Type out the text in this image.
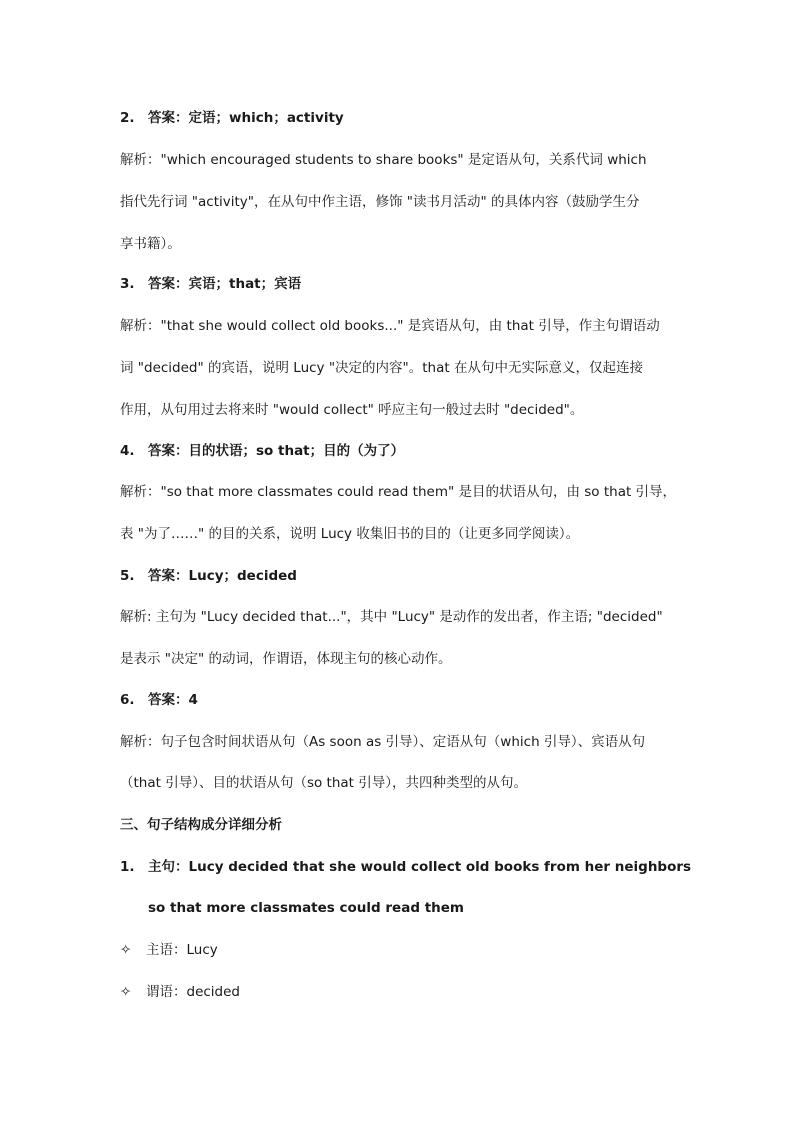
2. 答案：定语；which；activity
解析："which encouraged students to share books" 是定语从句，关系代词 which
指代先行词 "activity"，在从句中作主语，修饰 "读书月活动" 的具体内容（鼓励学生分
享书籍）。
3. 答案：宾语；that；宾语
解析："that she would collect old books..." 是宾语从句，由 that 引导，作主句谓语动
词 "decided" 的宾语，说明 Lucy "决定的内容"。that 在从句中无实际意义，仅起连接
作用，从句用过去将来时 "would collect" 呼应主句一般过去时 "decided"。
4. 答案：目的状语；so that；目的（为了）
解析："so that more classmates could read them" 是目的状语从句，由 so that 引导，
表 "为了……" 的目的关系，说明 Lucy 收集旧书的目的（让更多同学阅读）。
5. 答案：Lucy；decided
解析: 主句为 "Lucy decided that..."，其中 "Lucy" 是动作的发出者，作主语; "decided"
是表示 "决定" 的动词，作谓语，体现主句的核心动作。
6. 答案：4
解析：句子包含时间状语从句（As soon as 引导）、定语从句（which 引导）、宾语从句
（that 引导）、目的状语从句（so that 引导），共四种类型的从句。
三、句子结构成分详细分析
1. 主句：Lucy decided that she would collect old books from her neighbors
so that more classmates could read them
✧ 主语：Lucy
✧ 谓语：decided
